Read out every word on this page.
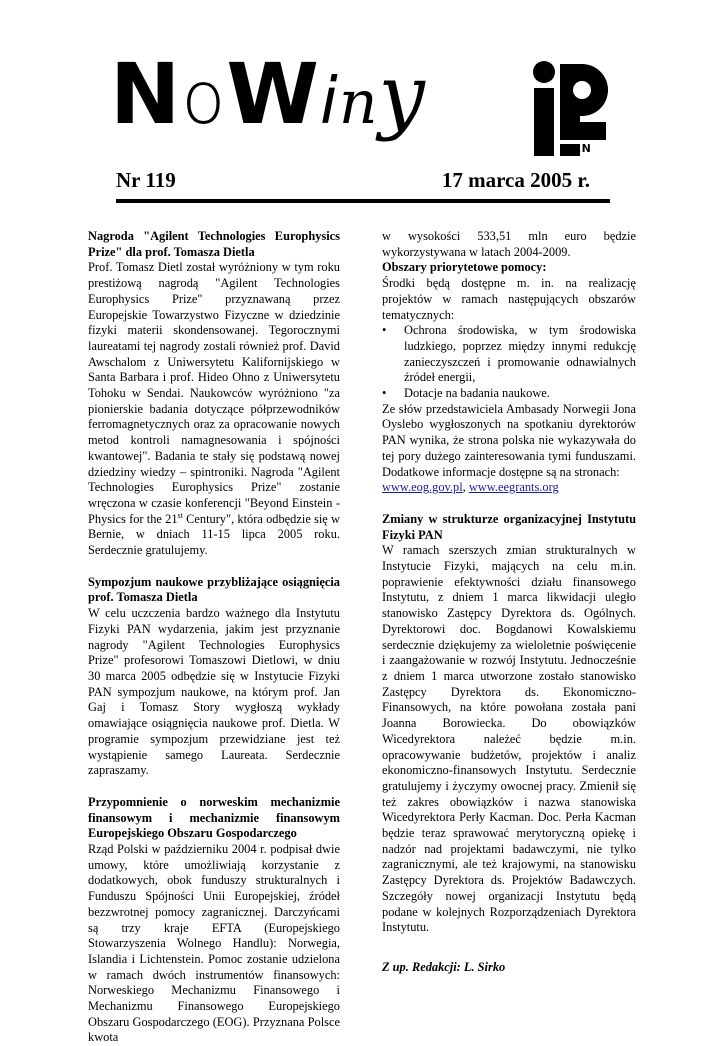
NoWiny
PAN
Nr 119	17 marca 2005 r.

Nagroda "Agilent Technologies Europhysics Prize" dla prof. Tomasza Dietla

Prof. Tomasz Dietl został wyróżniony w tym roku prestiżową nagrodą "Agilent Technologies Europhysics Prize" przyznawaną przez Europejskie Towarzystwo Fizyczne w dziedzinie fizyki materii skondensowanej. Tegorocznymi laureatami tej nagrody zostali również prof. David Awschalom z Uniwersytetu Kalifornijskiego w Santa Barbara i prof. Hideo Ohno z Uniwersytetu Tohoku w Sendai. Naukowców wyróżniono "za pionierskie badania dotyczące półprzewodników ferromagnetycznych oraz za opracowanie nowych metod kontroli namagnesowania i spójności kwantowej". Badania te stały się podstawą nowej dziedziny wiedzy – spintroniki. Nagroda "Agilent Technologies Europhysics Prize" zostanie wręczona w czasie konferencji "Beyond Einstein - Physics for the 21st Century", która odbędzie się w Bernie, w dniach 11-15 lipca 2005 roku. Serdecznie gratulujemy.

Sympozjum naukowe przybliżające osiągnięcia prof. Tomasza Dietla

W celu uczczenia bardzo ważnego dla Instytutu Fizyki PAN wydarzenia, jakim jest przyznanie nagrody "Agilent Technologies Europhysics Prize" profesorowi Tomaszowi Dietlowi, w dniu 30 marca 2005 odbędzie się w Instytucie Fizyki PAN sympozjum naukowe, na którym prof. Jan Gaj i Tomasz Story wygłoszą wykłady omawiające osiągnięcia naukowe prof. Dietla. W programie sympozjum przewidziane jest też wystąpienie samego Laureata. Serdecznie zapraszamy.

Przypomnienie o norweskim mechanizmie finansowym i mechanizmie finansowym Europejskiego Obszaru Gospodarczego

Rząd Polski w październiku 2004 r. podpisał dwie umowy, które umożliwiają korzystanie z dodatkowych, obok funduszy strukturalnych i Funduszu Spójności Unii Europejskiej, źródeł bezzwrotnej pomocy zagranicznej. Darczyńcami są trzy kraje EFTA (Europejskiego Stowarzyszenia Wolnego Handlu): Norwegia, Islandia i Lichtenstein. Pomoc zostanie udzielona w ramach dwóch instrumentów finansowych: Norweskiego Mechanizmu Finansowego i Mechanizmu Finansowego Europejskiego Obszaru Gospodarczego (EOG). Przyznana Polsce kwota

w wysokości 533,51 mln euro będzie wykorzystywana w latach 2004-2009.

Obszary priorytetowe pomocy:

Środki będą dostępne m. in. na realizację projektów w ramach następujących obszarów tematycznych:

•	Ochrona środowiska, w tym środowiska ludzkiego, poprzez między innymi redukcję zanieczyszczeń i promowanie odnawialnych źródeł energii,
•	Dotacje na badania naukowe.

Ze słów przedstawiciela Ambasady Norwegii Jona Oyslebo wygłoszonych na spotkaniu dyrektorów PAN wynika, że strona polska nie wykazywała do tej pory dużego zainteresowania tymi funduszami. Dodatkowe informacje dostępne są na stronach:

www.eog.gov.pl, www.eegrants.org

Zmiany w strukturze organizacyjnej Instytutu Fizyki PAN

W ramach szerszych zmian strukturalnych w Instytucie Fizyki, mających na celu m.in. poprawienie efektywności działu finansowego Instytutu, z dniem 1 marca likwidacji uległo stanowisko Zastępcy Dyrektora ds. Ogólnych. Dyrektorowi doc. Bogdanowi Kowalskiemu serdecznie dziękujemy za wieloletnie poświęcenie i zaangażowanie w rozwój Instytutu. Jednocześnie z dniem 1 marca utworzone zostało stanowisko Zastępcy Dyrektora ds. Ekonomiczno-Finansowych, na które powołana została pani Joanna Borowiecka. Do obowiązków Wicedyrektora należeć będzie m.in. opracowywanie budżetów, projektów i analiz ekonomiczno-finansowych Instytutu. Serdecznie gratulujemy i życzymy owocnej pracy. Zmienił się też zakres obowiązków i nazwa stanowiska Wicedyrektora Perły Kacman. Doc. Perła Kacman będzie teraz sprawować merytoryczną opiekę i nadzór nad projektami badawczymi, nie tylko zagranicznymi, ale też krajowymi, na stanowisku Zastępcy Dyrektora ds. Projektów Badawczych. Szczegóły nowej organizacji Instytutu będą podane w kolejnych Rozporządzeniach Dyrektora Instytutu.

Z up. Redakcji: L. Sirko
